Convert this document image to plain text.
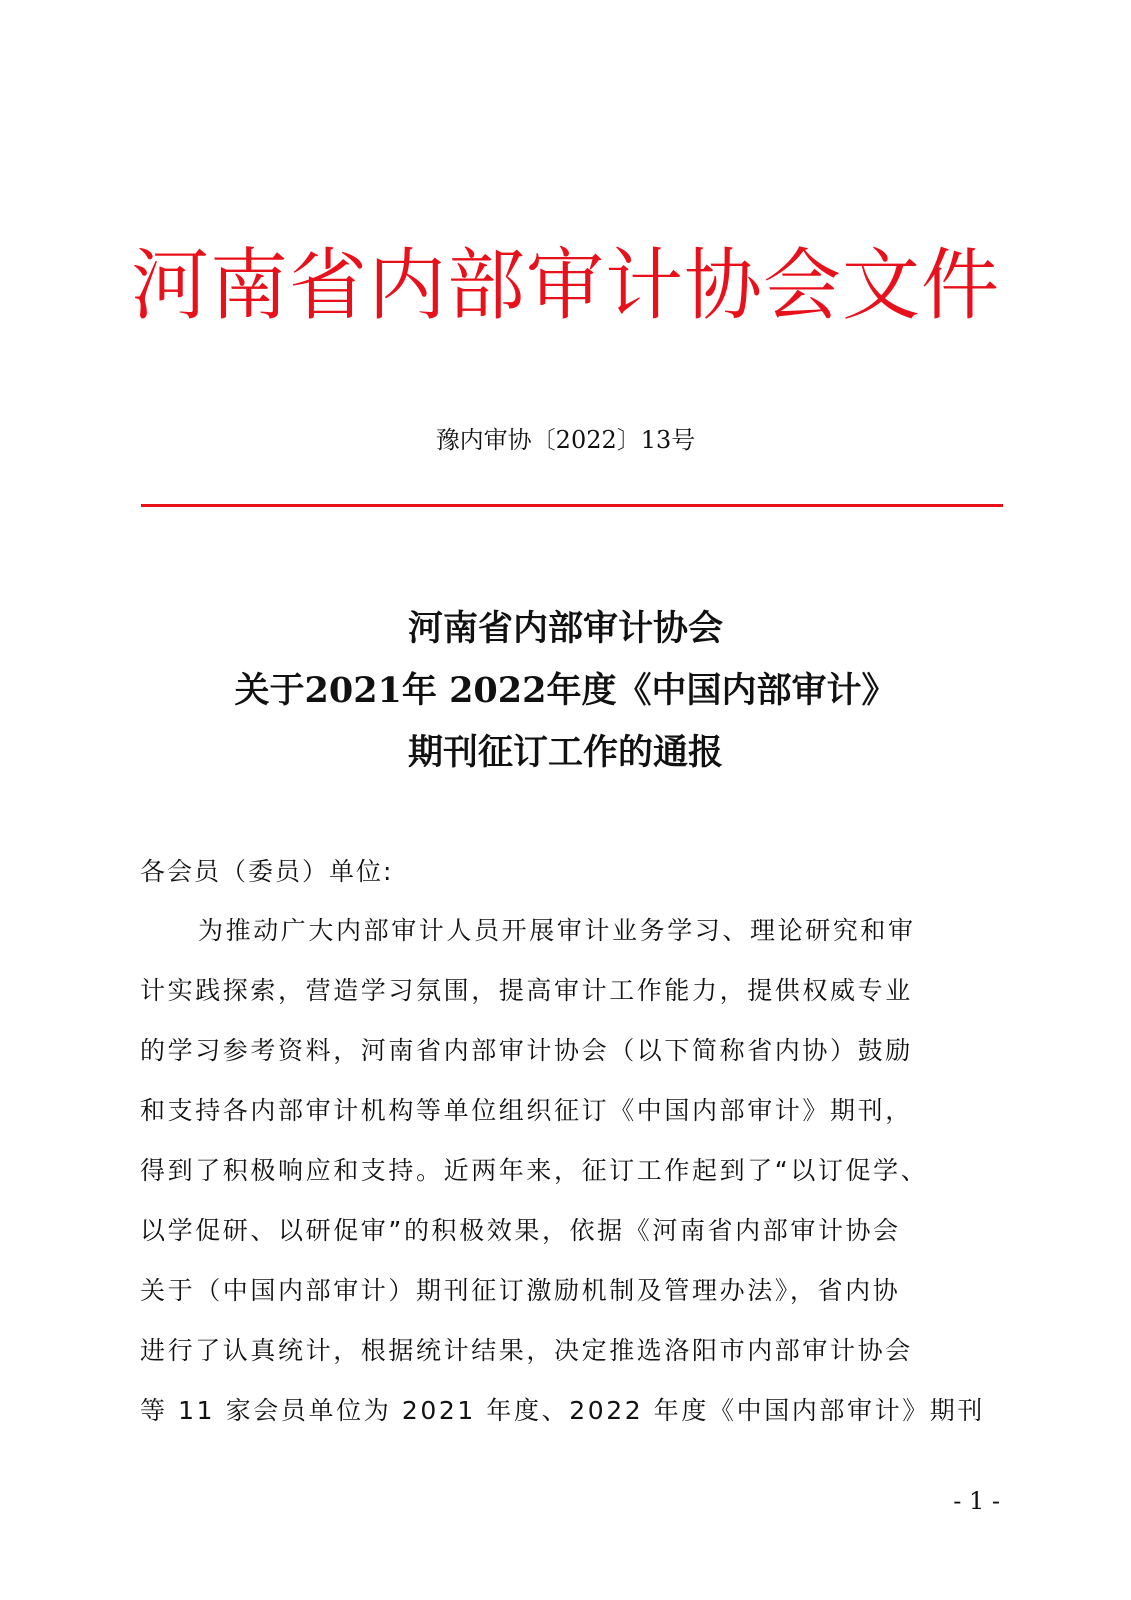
河南省内部审计协会文件
豫内审协〔2022〕13号
河南省内部审计协会
关于2021年 2022年度《中国内部审计》
期刊征订工作的通报
各会员（委员）单位:
为推动广大内部审计人员开展审计业务学习、理论研究和审
计实践探索，营造学习氛围，提高审计工作能力，提供权威专业
的学习参考资料，河南省内部审计协会（以下简称省内协）鼓励
和支持各内部审计机构等单位组织征订《中国内部审计》期刊，
得到了积极响应和支持。近两年来，征订工作起到了“以订促学、
以学促研、以研促审”的积极效果，依据《河南省内部审计协会
关于（中国内部审计）期刊征订激励机制及管理办法》，省内协
进行了认真统计，根据统计结果，决定推选洛阳市内部审计协会
等 11 家会员单位为 2021 年度、2022 年度《中国内部审计》期刊
- 1 -
